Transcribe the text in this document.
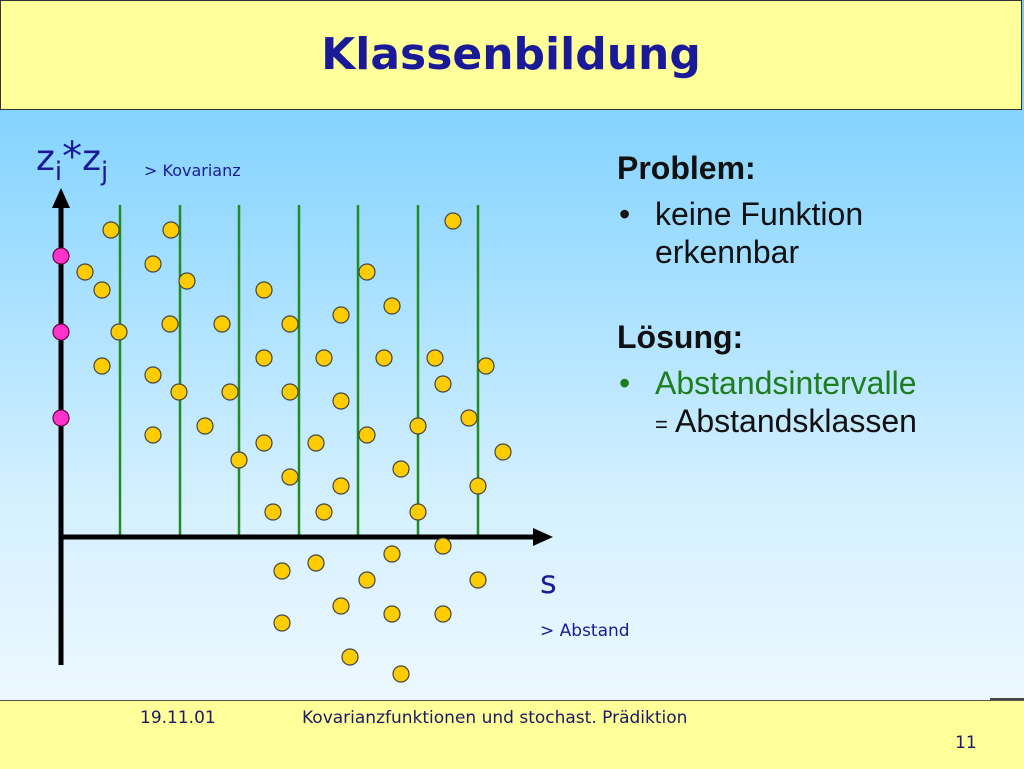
Klassenbildung
$z_i*z_j$ > Kovarianz
s
> Abstand

Problem:

• keine Funktion
erkennbar

Lösung:

• Abstandsintervalle
= Abstandsklassen
19.11.01	Kovarianzfunktionen und stochast. Prädiktion
11
